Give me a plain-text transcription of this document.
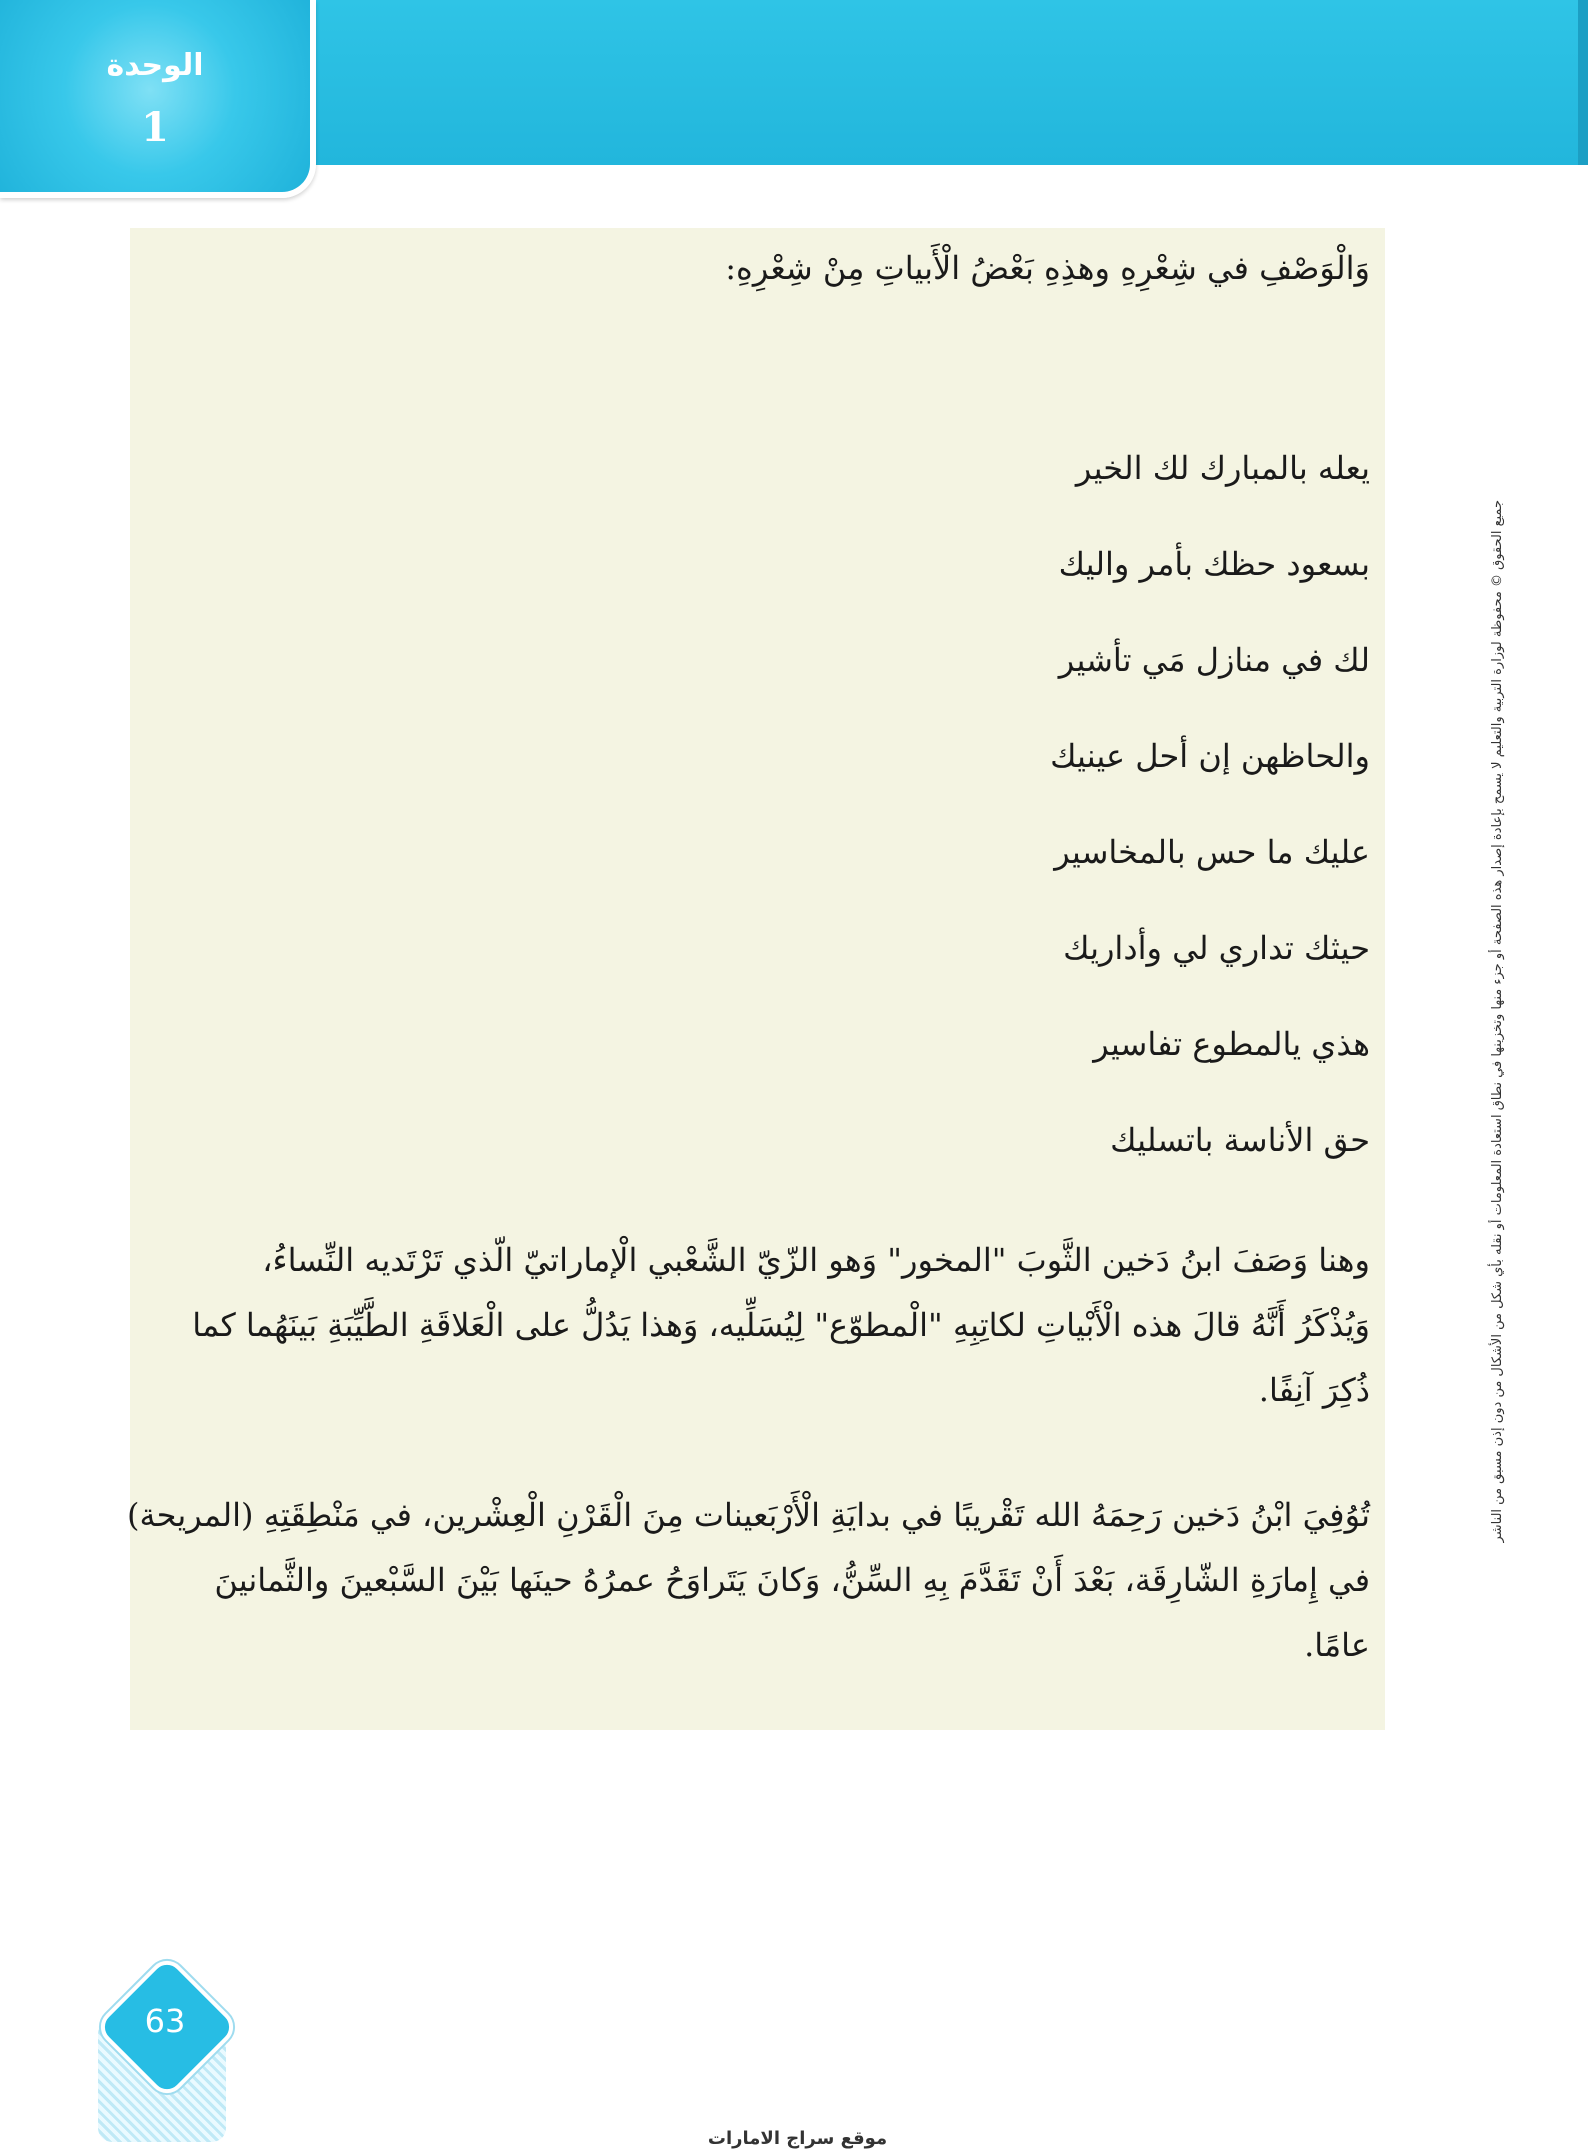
الوحدة
1
وَالْوَصْفِ في شِعْرِهِ وهذِهِ بَعْضُ الْأَبياتِ مِنْ شِعْرِهِ:
يعله بالمبارك لك الخير
بسعود حظك بأمر واليك
لك في منازل مَي تأشير
والحاظهن إن أحل عينيك
عليك ما حس بالمخاسير
حيثك تداري لي وأداريك
هذي يالمطوع تفاسير
حق الأناسة باتسليك
وهنا وَصَفَ ابنُ دَخين الثَّوبَ "المخور" وَهو الزّيّ الشَّعْبي الْإماراتيّ الّذي تَرْتَديه النِّساءُ،
وَيُذْكَرُ أَنَّهُ قالَ هذه الْأَبْياتِ لكاتِبِهِ "الْمطوّع" لِيُسَلِّيه، وَهذا يَدُلُّ على الْعَلاقَةِ الطَّيِّبَةِ بَينَهُما كما
ذُكِرَ آنِفًا.
تُوُفِيَ ابْنُ دَخين رَحِمَهُ الله تَقْريبًا في بدايَةِ الْأَرْبَعينات مِنَ الْقَرْنِ الْعِشْرين، في مَنْطِقَتِهِ (المريحة)
في إِمارَةِ الشّارِقَة، بَعْدَ أَنْ تَقَدَّمَ بِهِ السِّنُّ، وَكانَ يَتَراوَحُ عمرُهُ حينَها بَيْنَ السَّبْعينَ والثَّمانينَ
عامًا.
جميع الحقوق © محفوظة لوزارة التربية والتعليم لا يسمح بإعادة إصدار هذه الصفحة أو جزء منها وتخزينها في نطاق استعادة المعلومات أو نقله بأي شكل من الأشكال من دون إذن مسبق من الناشر
63
موقع سراج الامارات
